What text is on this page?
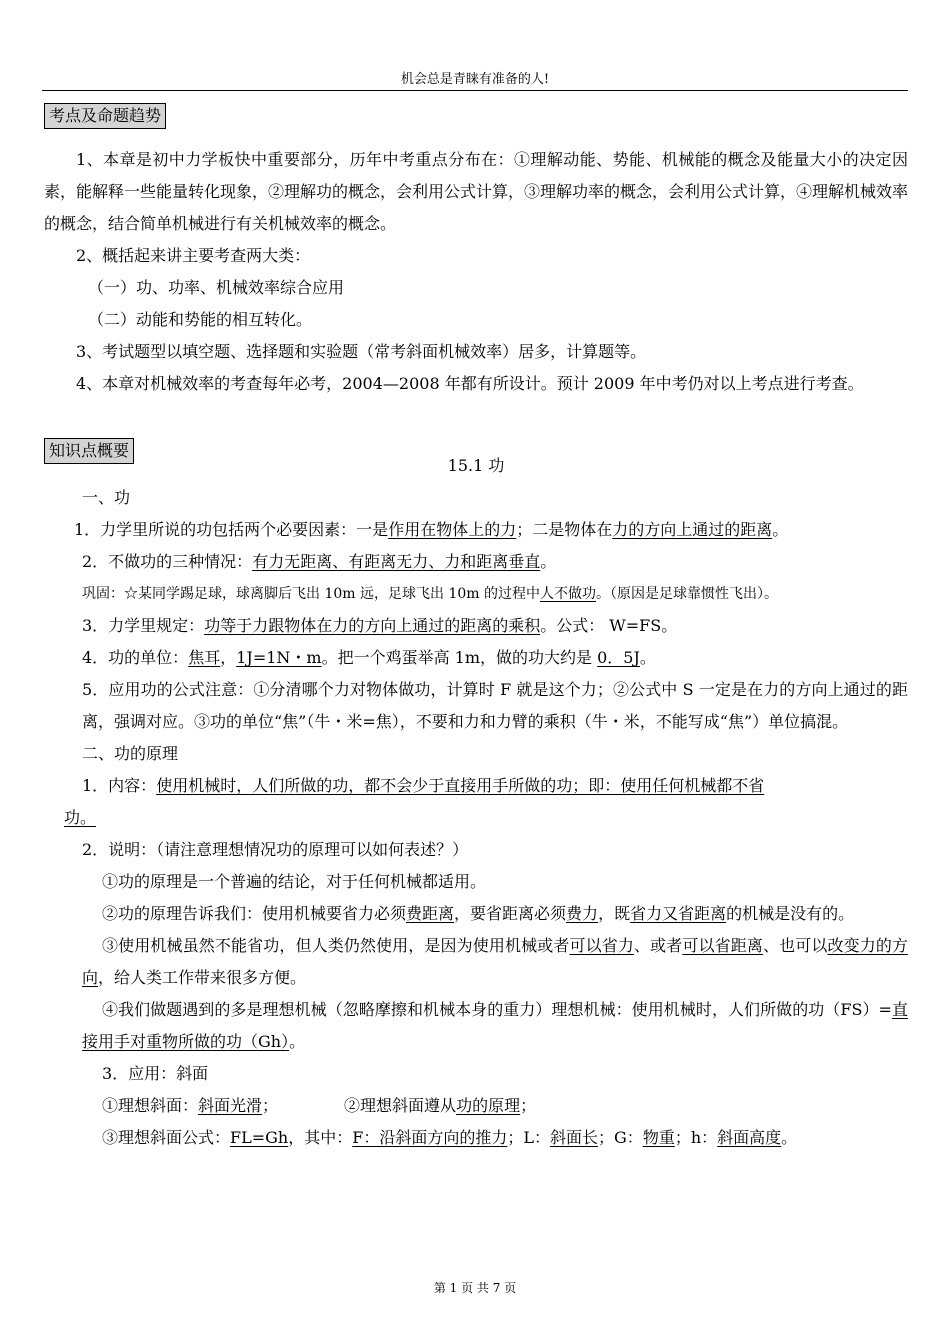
机会总是青睐有准备的人!
考点及命题趋势

1、本章是初中力学板快中重要部分，历年中考重点分布在：①理解动能、势能、机械能的概念及能量大小的决定因素，能解释一些能量转化现象，②理解功的概念，会利用公式计算，③理解功率的概念，会利用公式计算，④理解机械效率的概念，结合简单机械进行有关机械效率的概念。

2、概括起来讲主要考查两大类：

（一）功、功率、机械效率综合应用

（二）动能和势能的相互转化。

3、考试题型以填空题、选择题和实验题（常考斜面机械效率）居多，计算题等。

4、本章对机械效率的考查每年必考，2004—2008 年都有所设计。预计 2009 年中考仍对以上考点进行考查。

15.1 功

一、功

1．力学里所说的功包括两个必要因素：一是作用在物体上的力；二是物体在力的方向上通过的距离。

2．不做功的三种情况：有力无距离、有距离无力、力和距离垂直。

巩固：☆某同学踢足球，球离脚后飞出 10m 远，足球飞出 10m 的过程中人不做功。（原因是足球靠惯性飞出）。

3．力学里规定：功等于力跟物体在力的方向上通过的距离的乘积。公式： W=FS。

4．功的单位：焦耳，1J=1N・m。把一个鸡蛋举高 1m，做的功大约是 0．5J。

5．应用功的公式注意：①分清哪个力对物体做功，计算时 F 就是这个力；②公式中 S 一定是在力的方向上通过的距离，强调对应。③功的单位“焦”（牛・米=焦），不要和力和力臂的乘积（牛・米，不能写成“焦”）单位搞混。

二、功的原理

1．内容：使用机械时，人们所做的功，都不会少于直接用手所做的功；即：使用任何机械都不省

功。

2．说明：（请注意理想情况功的原理可以如何表述？）

①功的原理是一个普遍的结论，对于任何机械都适用。

②功的原理告诉我们：使用机械要省力必须费距离，要省距离必须费力，既省力又省距离的机械是没有的。

③使用机械虽然不能省功，但人类仍然使用，是因为使用机械或者可以省力、或者可以省距离、也可以改变力的方向，给人类工作带来很多方便。

④我们做题遇到的多是理想机械（忽略摩擦和机械本身的重力）理想机械：使用机械时，人们所做的功（FS）=直接用手对重物所做的功（Gh）。

3．应用：斜面

①理想斜面：斜面光滑；	②理想斜面遵从功的原理；

③理想斜面公式：FL=Gh，其中：F：沿斜面方向的推力；L：斜面长；G：物重；h：斜面高度。

知识点概要
第 1 页 共 7 页
